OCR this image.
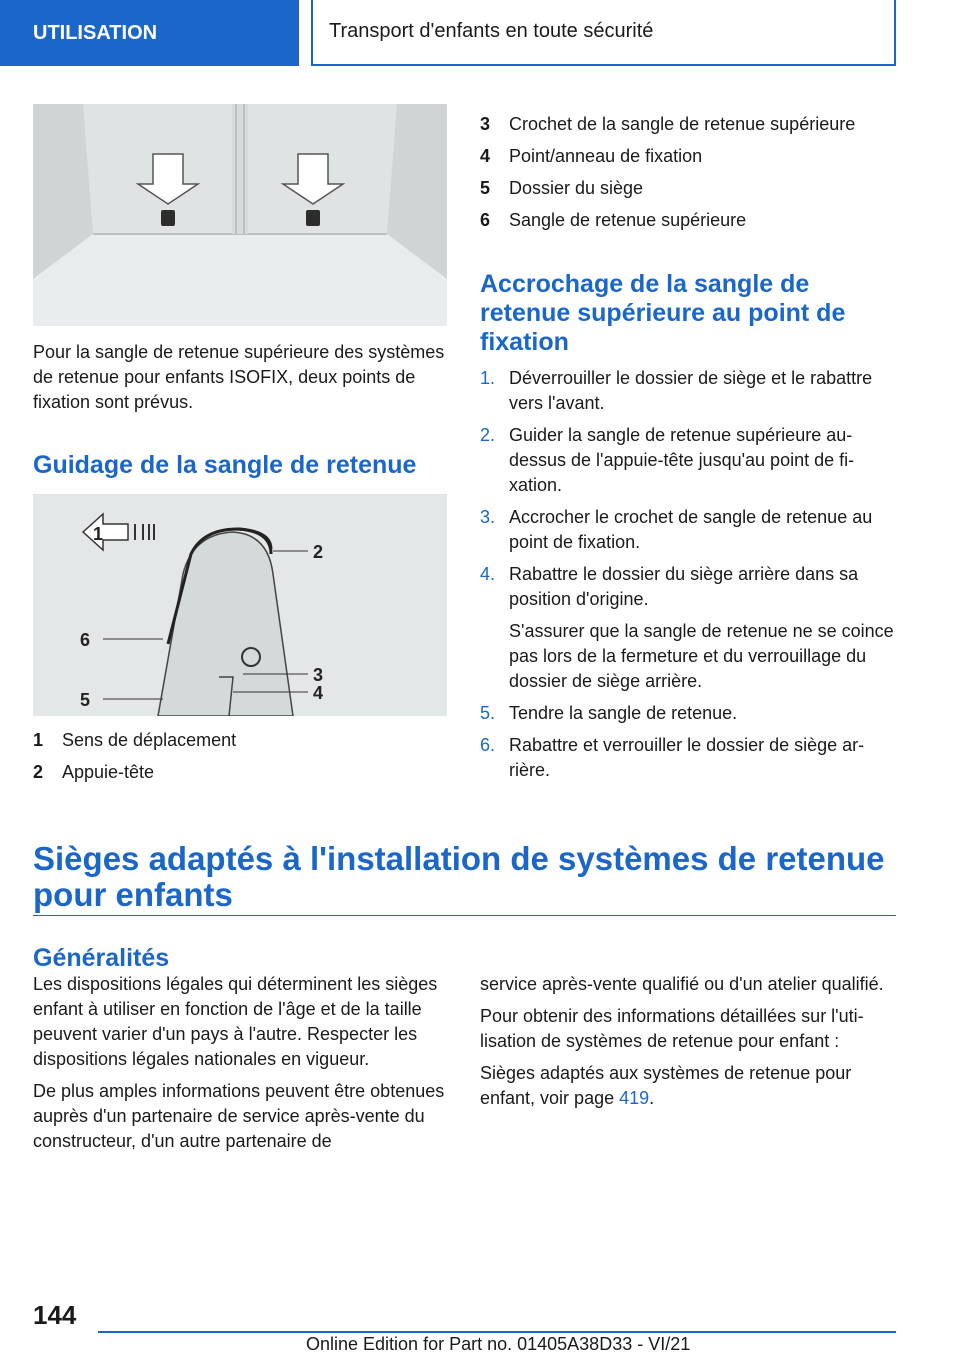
UTILISATION	Transport d'enfants en toute sécurité

Pour la sangle de retenue supérieure des systèmes de retenue pour enfants ISOFIX, deux points de fixation sont prévus.

Guidage de la sangle de retenue
1
2
6
3
5	4
1	Sens de déplacement
2	Appuie-tête
3	Crochet de la sangle de retenue supérieure
4	Point/anneau de fixation
5	Dossier du siège
6	Sangle de retenue supérieure
Accrochage de la sangle de retenue supérieure au point de fixation
1. Déverrouiller le dossier de siège et le rabattre vers l'avant.
2. Guider la sangle de retenue supérieure au-dessus de l'appuie-tête jusqu'au point de fixation.
3. Accrocher le crochet de sangle de retenue au point de fixation.
4. Rabattre le dossier du siège arrière dans sa position d'origine.

S'assurer que la sangle de retenue ne se coince pas lors de la fermeture et du verrouillage du dossier de siège arrière.

5. Tendre la sangle de retenue.
6. Rabattre et verrouiller le dossier de siège arrière.
Sièges adaptés à l'installation de systèmes de retenue pour enfants
Généralités

Les dispositions légales qui déterminent les sièges enfant à utiliser en fonction de l'âge et de la taille peuvent varier d'un pays à l'autre. Respecter les dispositions légales nationales en vigueur.

De plus amples informations peuvent être obtenues auprès d'un partenaire de service après-vente du constructeur, d'un autre partenaire de

service après-vente qualifié ou d'un atelier qualifié.

Pour obtenir des informations détaillées sur l'utilisation de systèmes de retenue pour enfant :

Sièges adaptés aux systèmes de retenue pour enfant, voir page 419.

144
Online Edition for Part no. 01405A38D33 - VI/21
